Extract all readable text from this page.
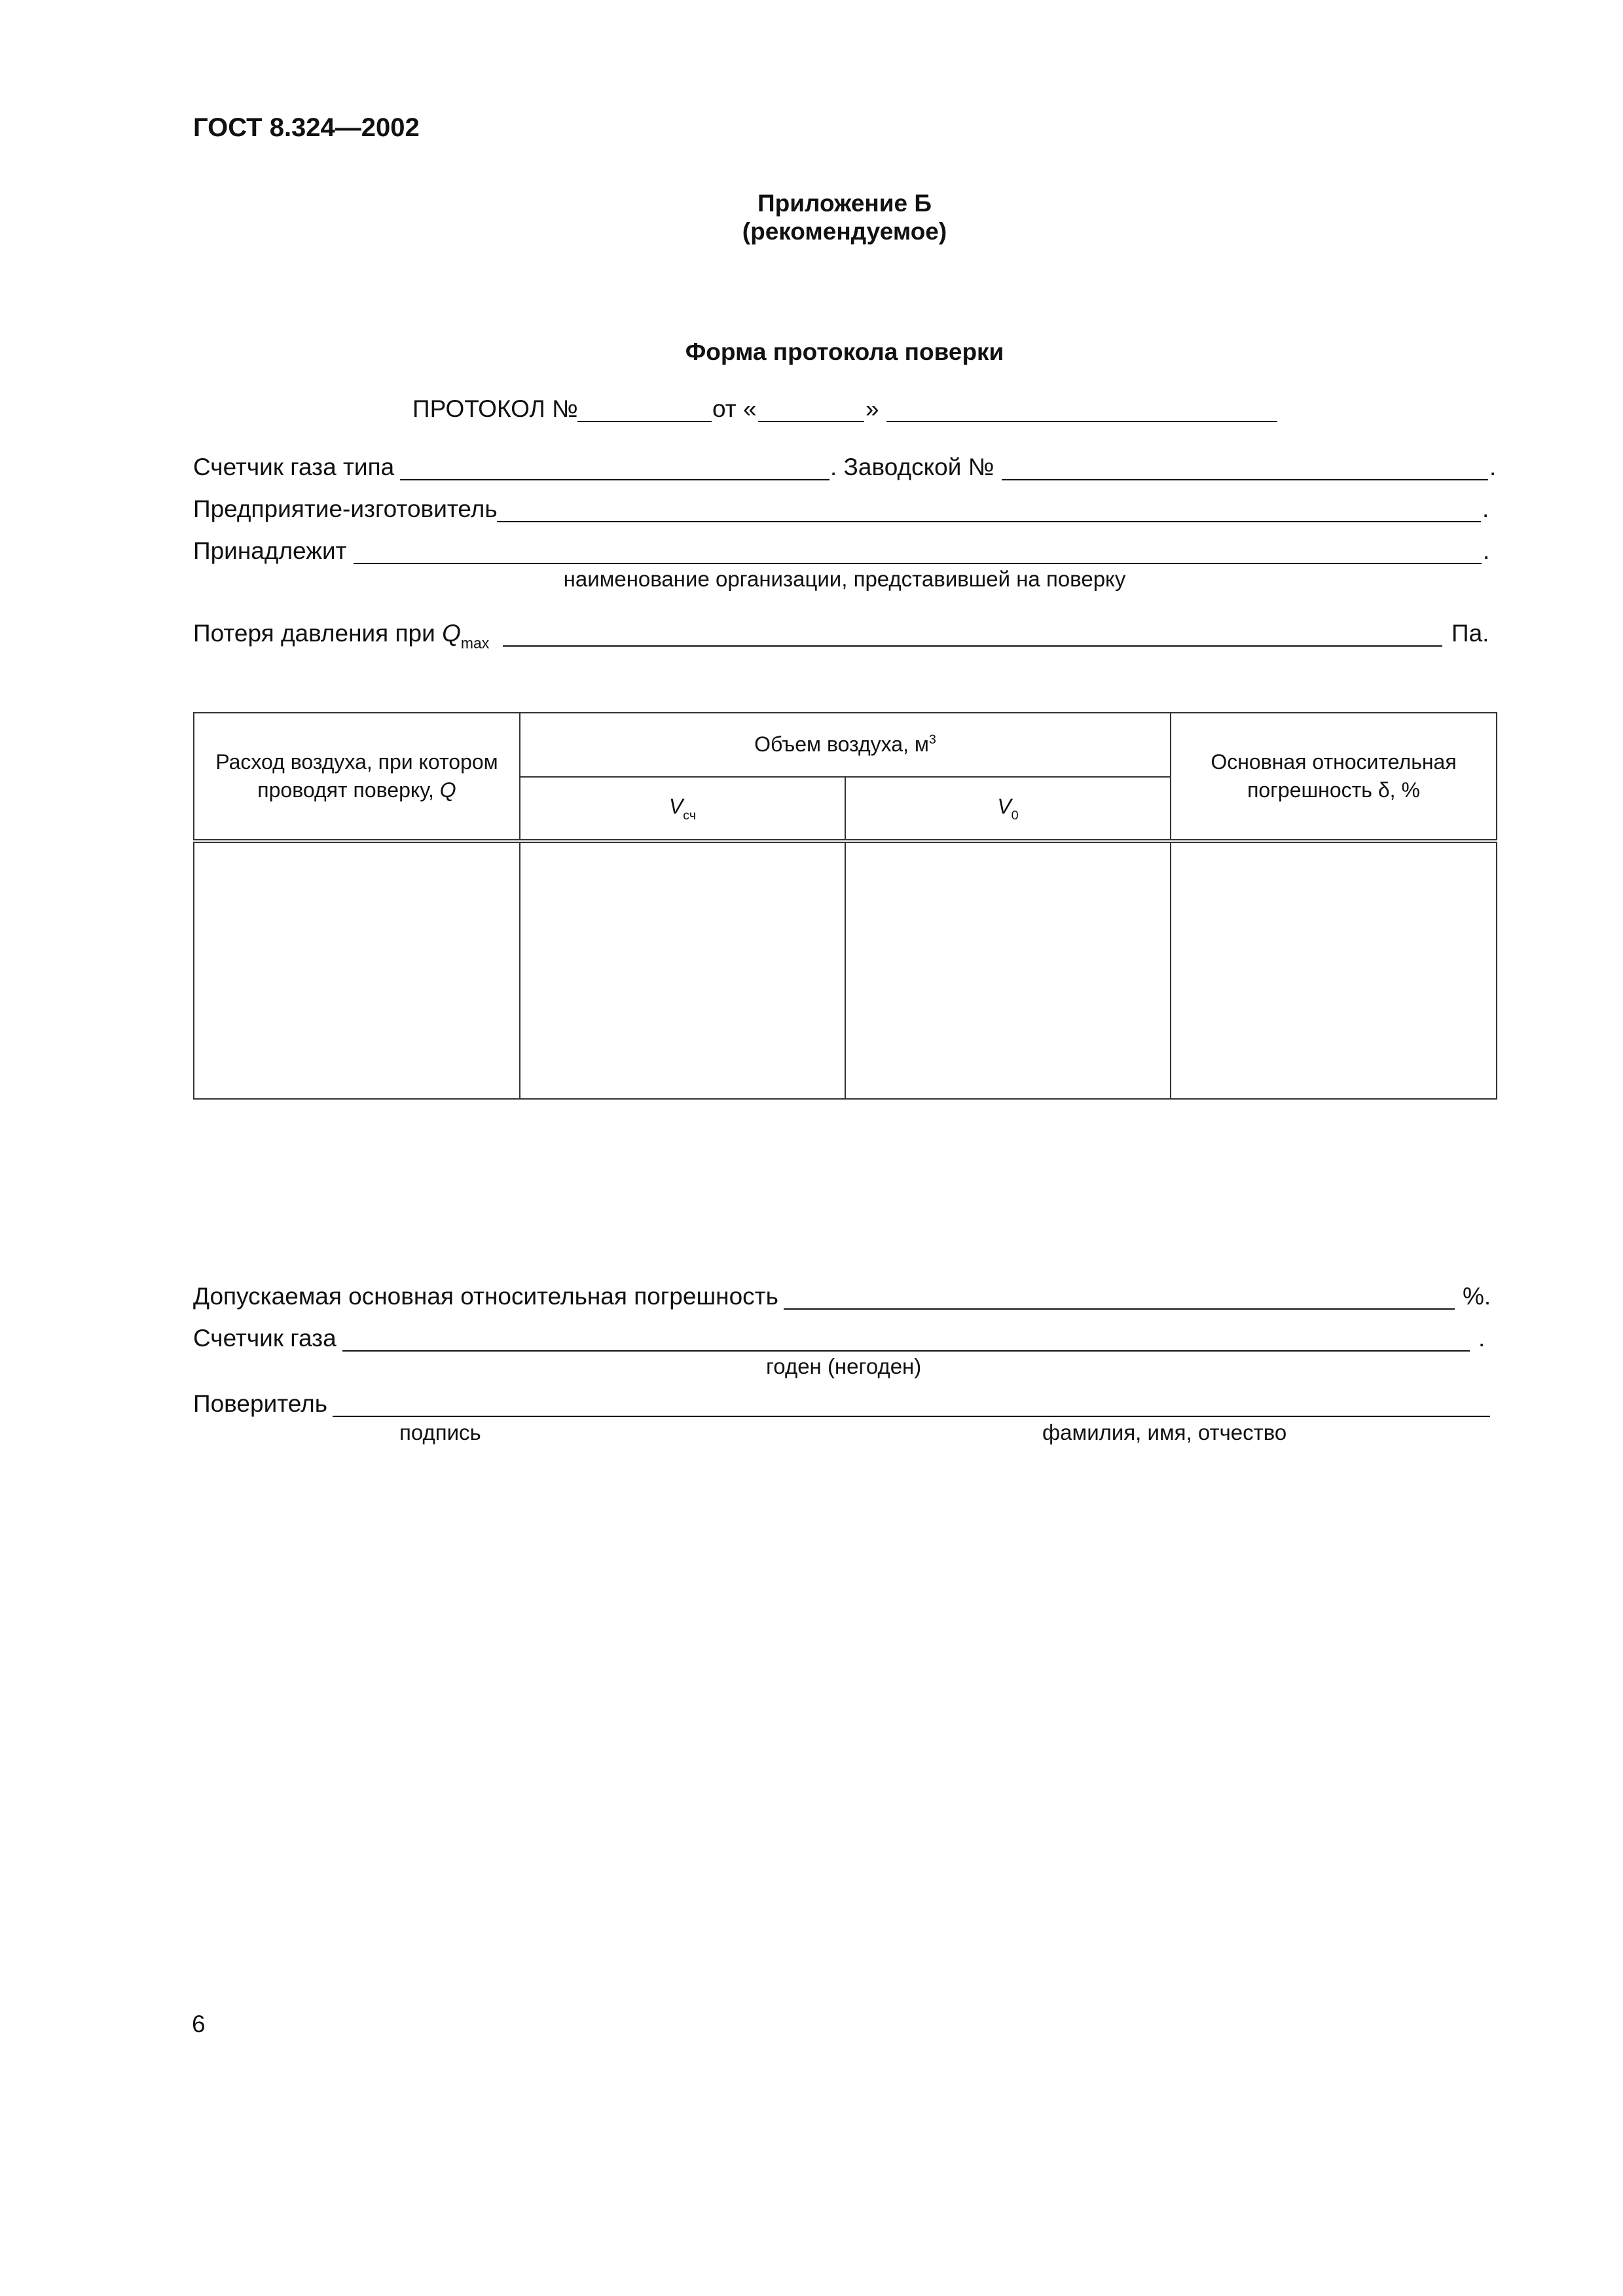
ГОСТ 8.324—2002
Приложение Б
(рекомендуемое)
Форма протокола поверки
ПРОТОКОЛ №	от «	»
Счетчик газа типа	. Заводской №	.
Предприятие-изготовитель	.
Принадлежит	.
наименование организации, представившей на поверку
Потеря давления при $Q_{max}$	Па.
Расход воздуха, при котором проводят поверку, Q	Объем воздуха, $м^3$		Основная относительная погрешность δ, %
	$V_{сч}$	$V_0$

Допускаемая основная относительная погрешность	%.
Счетчик газа	.
годен (негоден)
Поверитель
подпись	фамилия, имя, отчество
6
